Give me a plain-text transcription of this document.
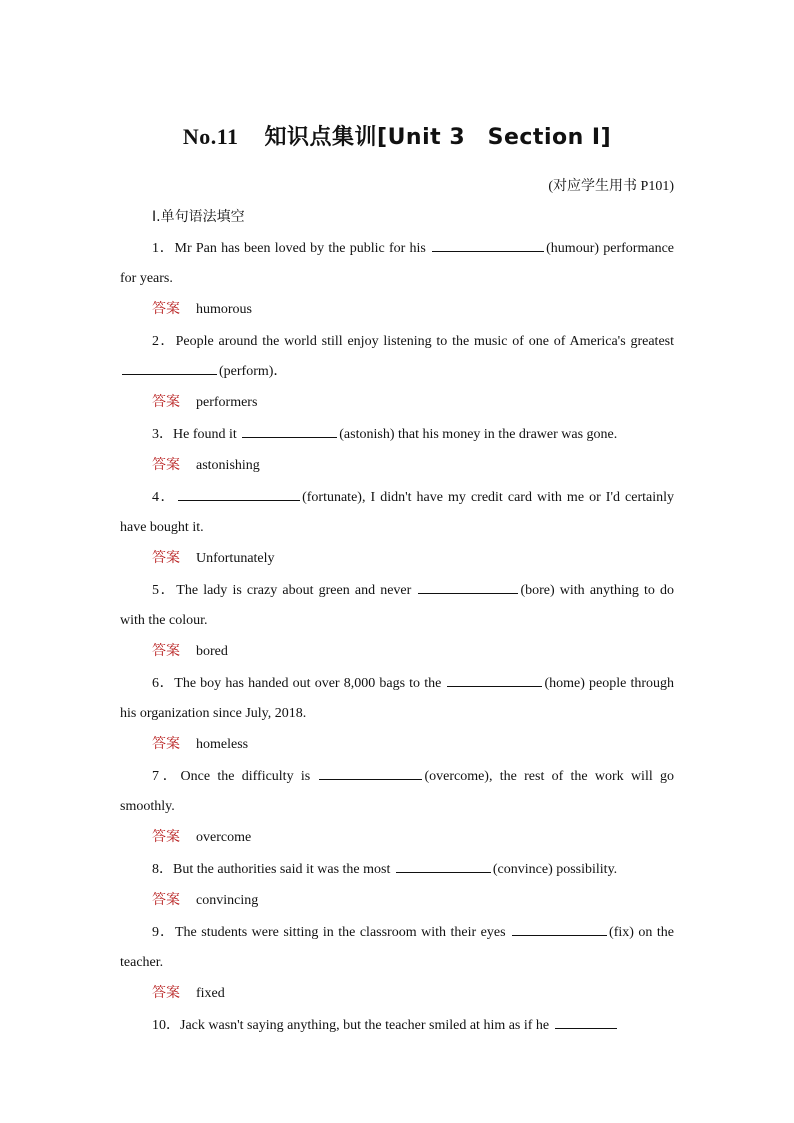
No.11 知识点集训[Unit 3　Section Ⅰ]
(对应学生用书 P101)
Ⅰ.单句语法填空

1．Mr Pan has been loved by the public for his	(humour) performance for years.

答案 humorous

2．People around the world still enjoy listening to the music of one of America's greatest (perform)．

答案 performers

3．He found it	(astonish) that his money in the drawer was gone.

答案 astonishing

4．	(fortunate), I didn't have my credit card with me or I'd certainly have bought it.

答案 Unfortunately

5．The lady is crazy about green and never	(bore) with anything to do with the colour.

答案 bored

6．The boy has handed out over 8,000 bags to the	(home) people through his organization since July, 2018.

答案 homeless

7．Once the difficulty is	(overcome), the rest of the work will go smoothly.

答案 overcome

8．But the authorities said it was the most	(convince) possibility.

答案 convincing

9．The students were sitting in the classroom with their eyes	(fix) on the teacher.

答案 fixed

10．Jack wasn't saying anything, but the teacher smiled at him as if he
